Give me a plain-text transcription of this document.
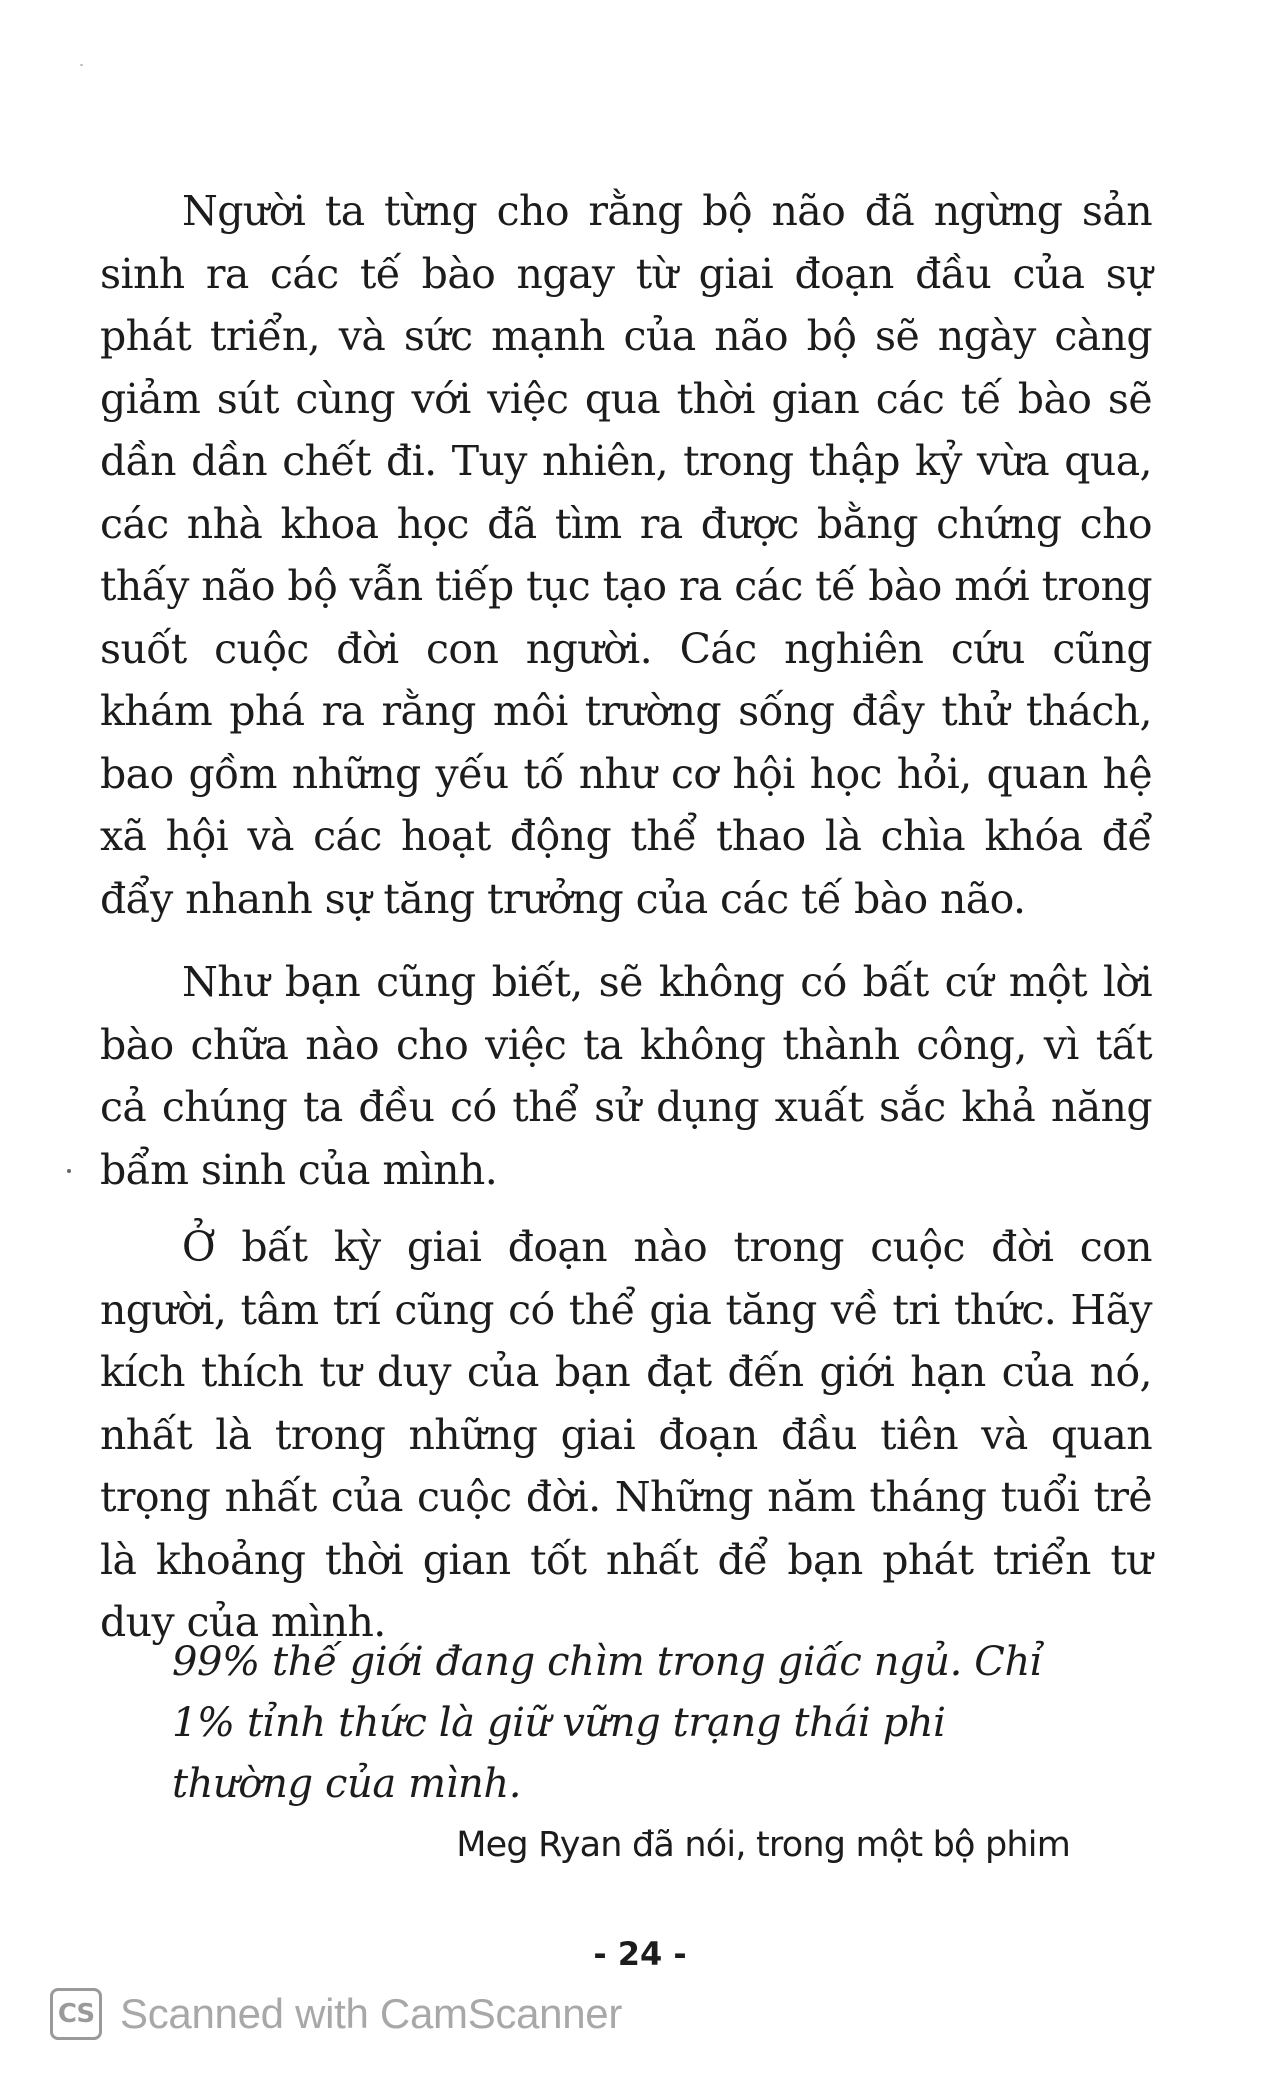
Người ta từng cho rằng bộ não đã ngừng sản sinh ra các tế bào ngay từ giai đoạn đầu của sự phát triển, và sức mạnh của não bộ sẽ ngày càng giảm sút cùng với việc qua thời gian các tế bào sẽ dần dần chết đi. Tuy nhiên, trong thập kỷ vừa qua, các nhà khoa học đã tìm ra được bằng chứng cho thấy não bộ vẫn tiếp tục tạo ra các tế bào mới trong suốt cuộc đời con người. Các nghiên cứu cũng khám phá ra rằng môi trường sống đầy thử thách, bao gồm những yếu tố như cơ hội học hỏi, quan hệ xã hội và các hoạt động thể thao là chìa khóa để đẩy nhanh sự tăng trưởng của các tế bào não.

Như bạn cũng biết, sẽ không có bất cứ một lời bào chữa nào cho việc ta không thành công, vì tất cả chúng ta đều có thể sử dụng xuất sắc khả năng bẩm sinh của mình.

Ở bất kỳ giai đoạn nào trong cuộc đời con người, tâm trí cũng có thể gia tăng về tri thức. Hãy kích thích tư duy của bạn đạt đến giới hạn của nó, nhất là trong những giai đoạn đầu tiên và quan trọng nhất của cuộc đời. Những năm tháng tuổi trẻ là khoảng thời gian tốt nhất để bạn phát triển tư duy của mình.

99% thế giới đang chìm trong giấc ngủ. Chỉ 1% tỉnh thức là giữ vững trạng thái phi thường của mình.

Meg Ryan đã nói, trong một bộ phim

- 24 -

CS Scanned with CamScanner
